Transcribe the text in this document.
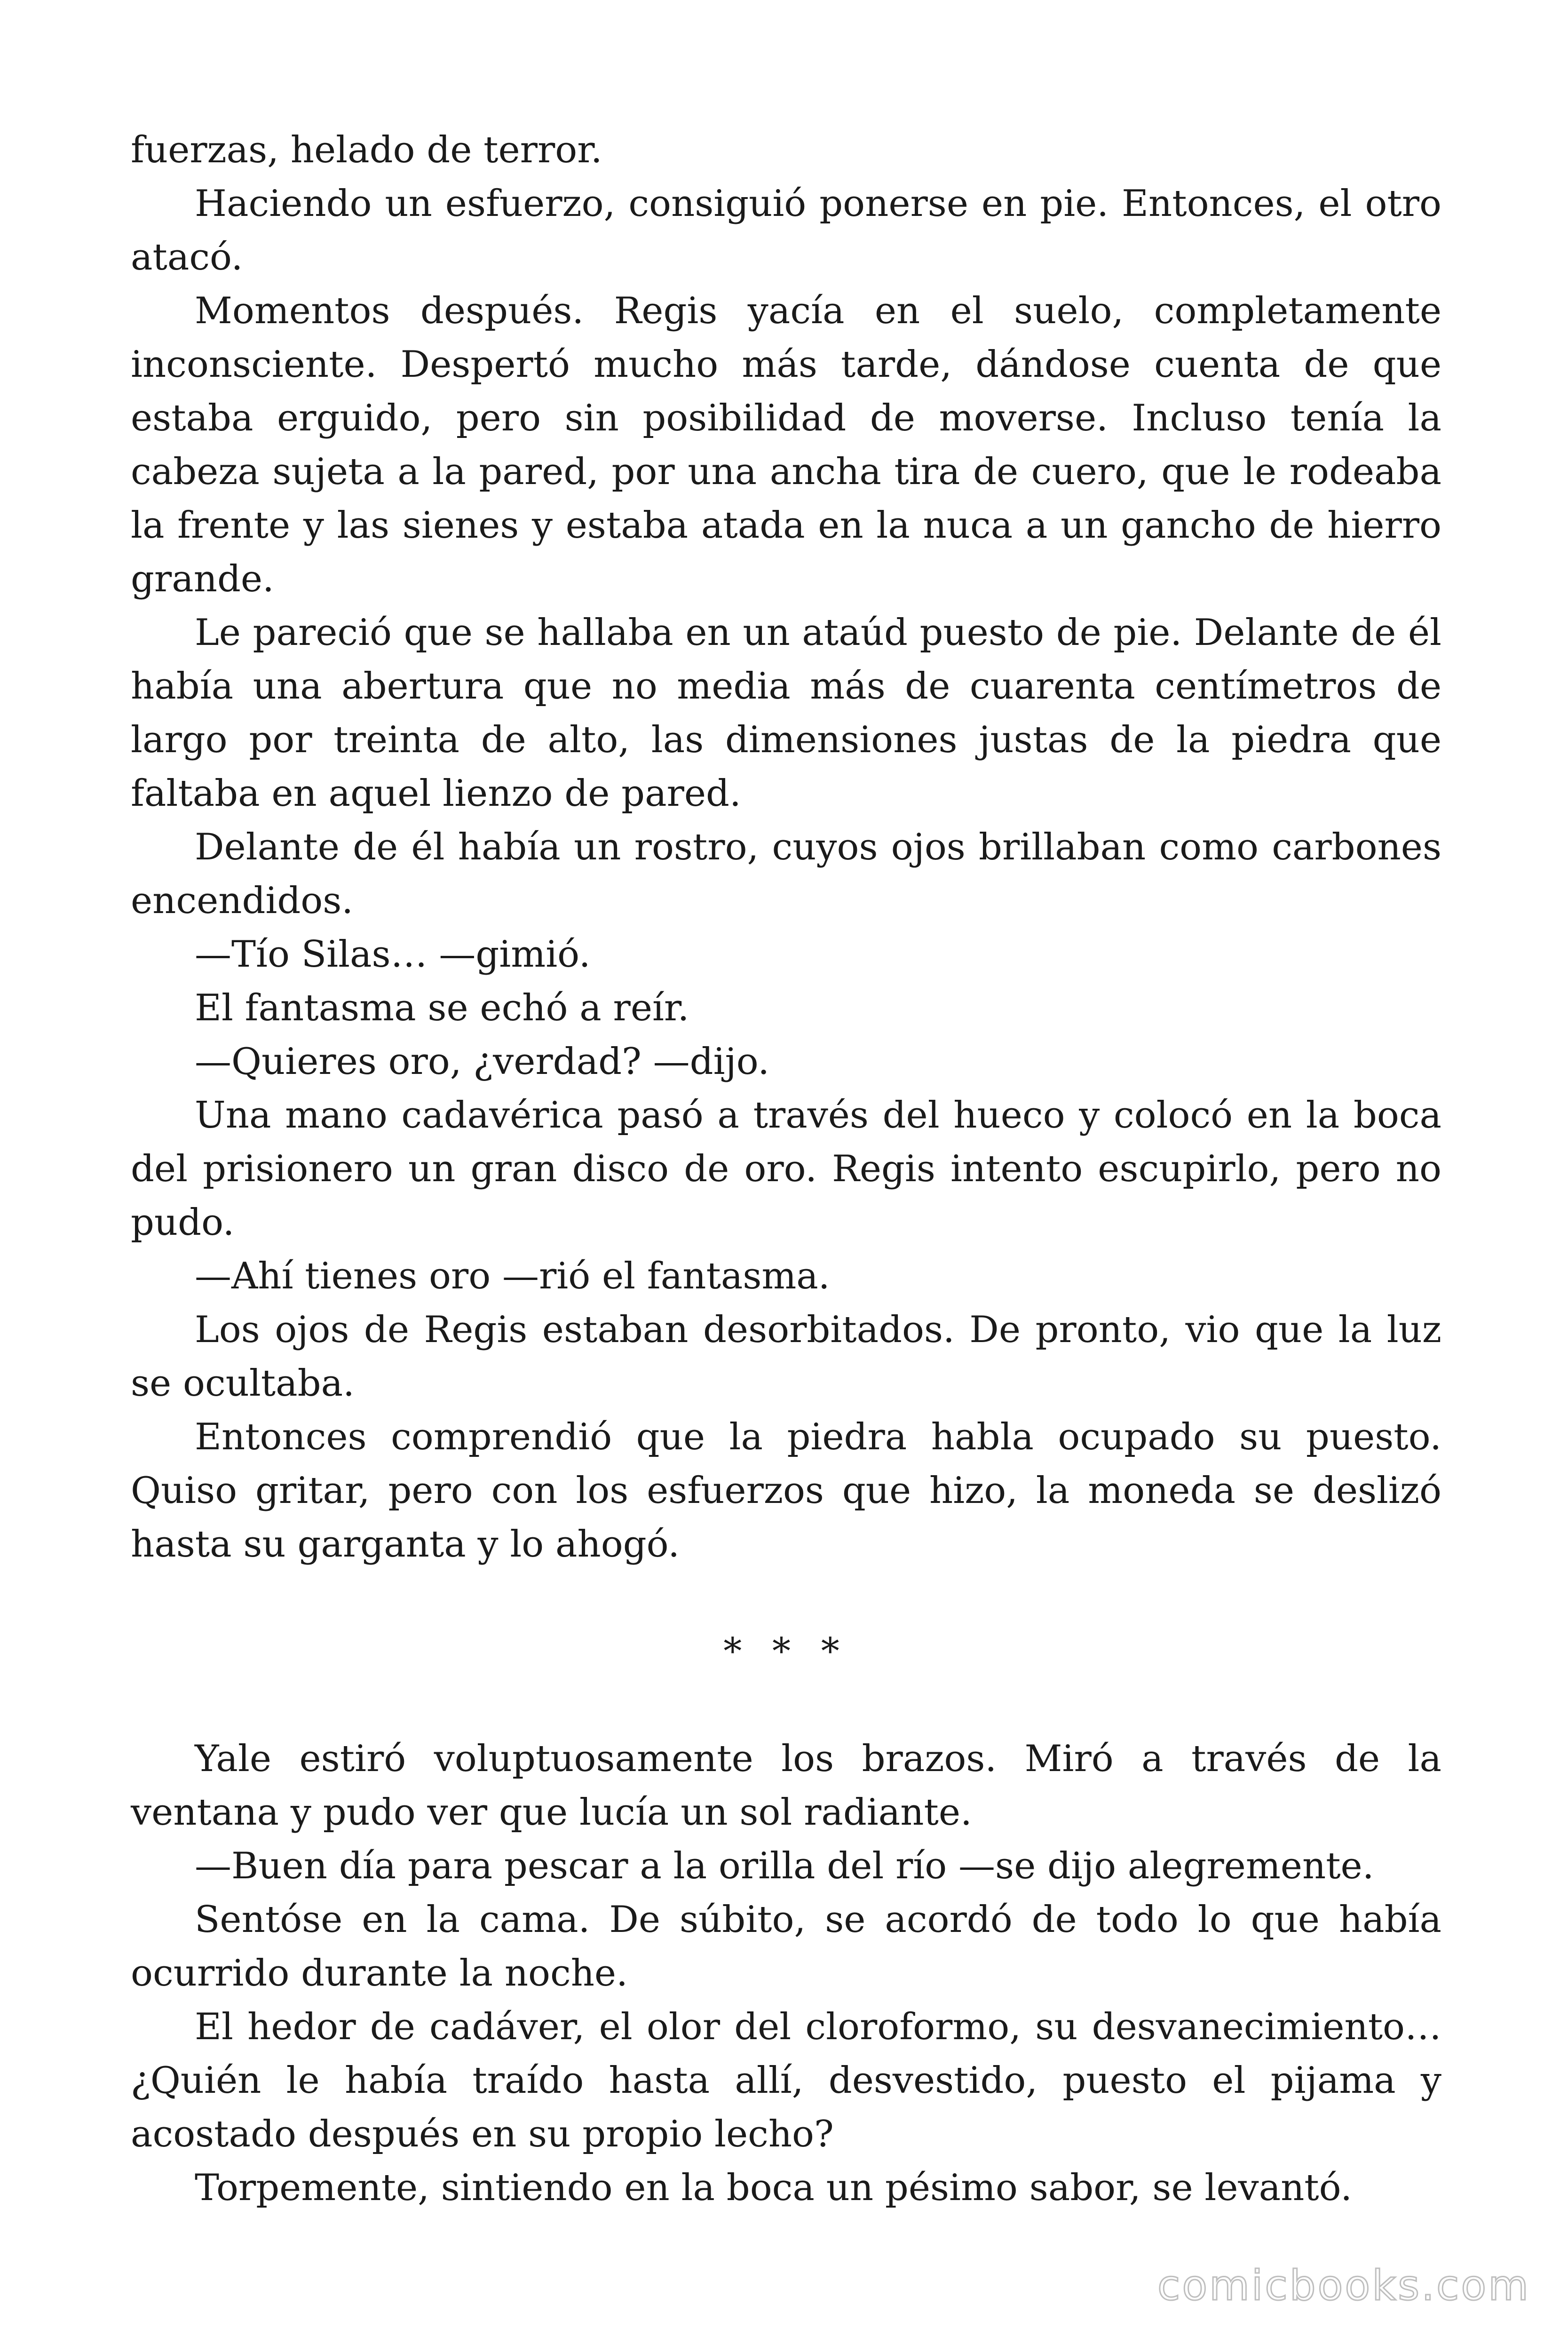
fuerzas, helado de terror.

Haciendo un esfuerzo, consiguió ponerse en pie. Entonces, el otro atacó.

Momentos después. Regis yacía en el suelo, completamente inconsciente. Despertó mucho más tarde, dándose cuenta de que estaba erguido, pero sin posibilidad de moverse. Incluso tenía la cabeza sujeta a la pared, por una ancha tira de cuero, que le rodeaba la frente y las sienes y estaba atada en la nuca a un gancho de hierro grande.

Le pareció que se hallaba en un ataúd puesto de pie. Delante de él había una abertura que no media más de cuarenta centímetros de largo por treinta de alto, las dimensiones justas de la piedra que faltaba en aquel lienzo de pared.

Delante de él había un rostro, cuyos ojos brillaban como carbones encendidos.

—Tío Silas… —gimió.

El fantasma se echó a reír.

—Quieres oro, ¿verdad? —dijo.

Una mano cadavérica pasó a través del hueco y colocó en la boca del prisionero un gran disco de oro. Regis intento escupirlo, pero no pudo.

—Ahí tienes oro —rió el fantasma.

Los ojos de Regis estaban desorbitados. De pronto, vio que la luz se ocultaba.

Entonces comprendió que la piedra habla ocupado su puesto. Quiso gritar, pero con los esfuerzos que hizo, la moneda se deslizó hasta su garganta y lo ahogó.

* * *

Yale estiró voluptuosamente los brazos. Miró a través de la ventana y pudo ver que lucía un sol radiante.

—Buen día para pescar a la orilla del río —se dijo alegremente.

Sentóse en la cama. De súbito, se acordó de todo lo que había ocurrido durante la noche.

El hedor de cadáver, el olor del cloroformo, su desvanecimiento… ¿Quién le había traído hasta allí, desvestido, puesto el pijama y acostado después en su propio lecho?

Torpemente, sintiendo en la boca un pésimo sabor, se levantó.

comicbooks.com
